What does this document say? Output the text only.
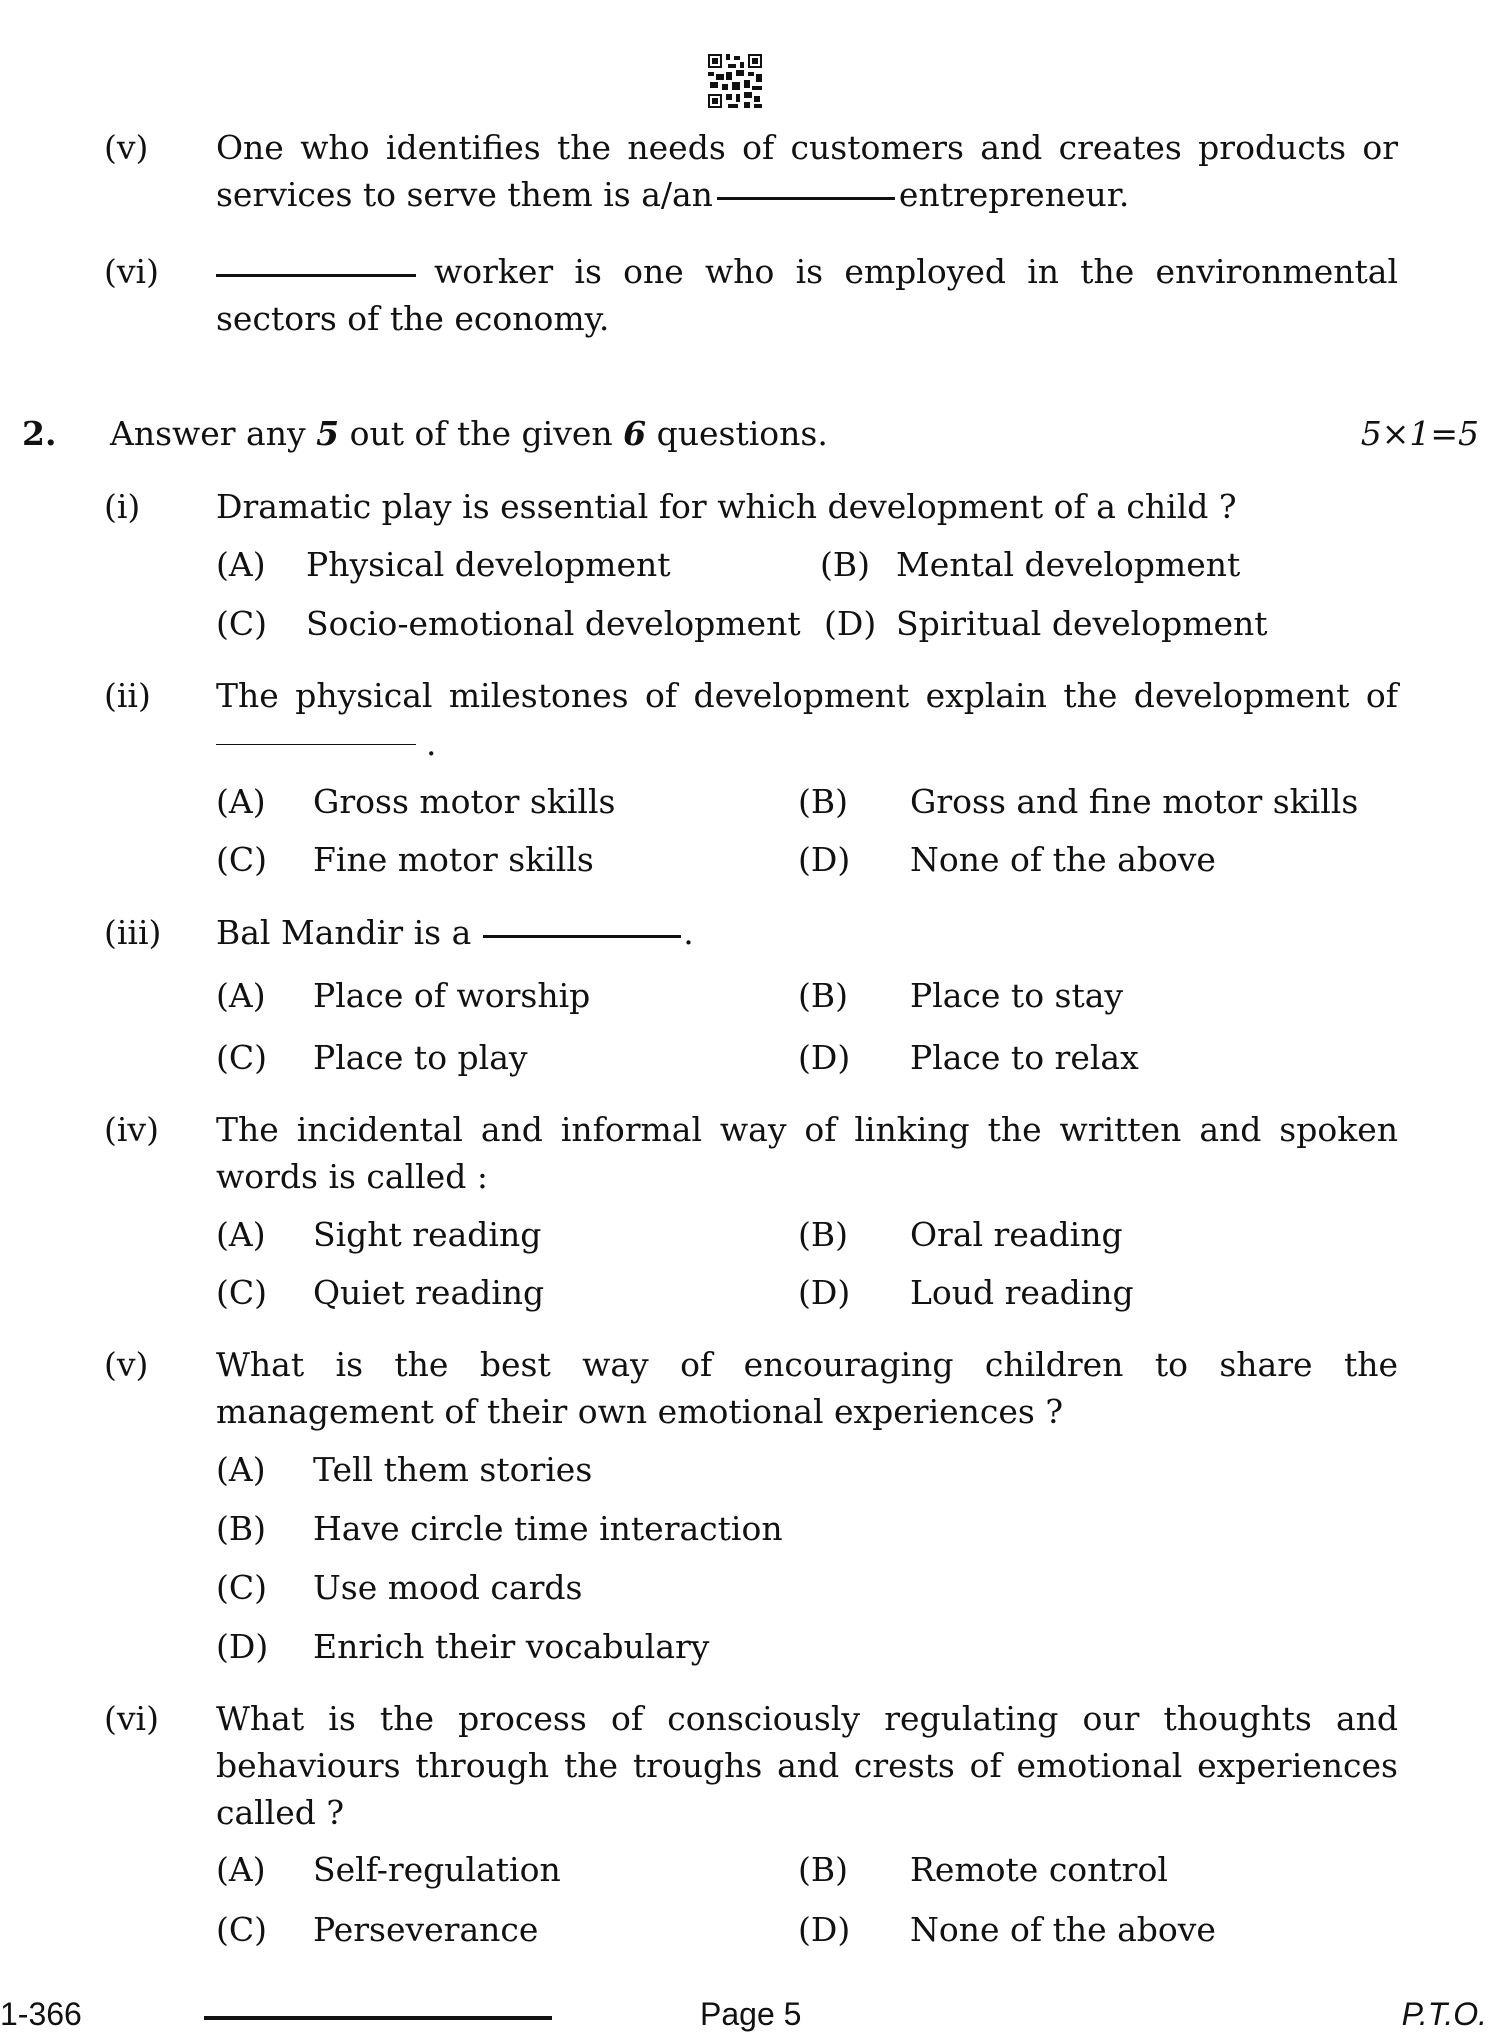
(v) One who identifies the needs of customers and creates products or
services to serve them is a/an	entrepreneur.
(vi)	worker is one who is employed in the environmental
sectors of the economy.
2. Answer any 5 out of the given 6 questions.	5×1=5
(i) Dramatic play is essential for which development of a child ?
(A) Physical development	(B) Mental development
(C) Socio-emotional development (D) Spiritual development
(ii) The physical milestones of development explain the development of
.
(A) Gross motor skills	(B) Gross and fine motor skills
(C) Fine motor skills	(D) None of the above
(iii) Bal Mandir is a	.
(A) Place of worship	(B) Place to stay
(C) Place to play	(D) Place to relax
(iv) The incidental and informal way of linking the written and spoken
words is called :
(A) Sight reading	(B) Oral reading
(C) Quiet reading	(D) Loud reading
(v) What is the best way of encouraging children to share the
management of their own emotional experiences ?
(A) Tell them stories
(B) Have circle time interaction
(C) Use mood cards
(D) Enrich their vocabulary
(vi) What is the process of consciously regulating our thoughts and
behaviours through the troughs and crests of emotional experiences
called ?
(A) Self-regulation	(B) Remote control
(C) Perseverance	(D) None of the above
1-366	Page 5	P.T.O.
